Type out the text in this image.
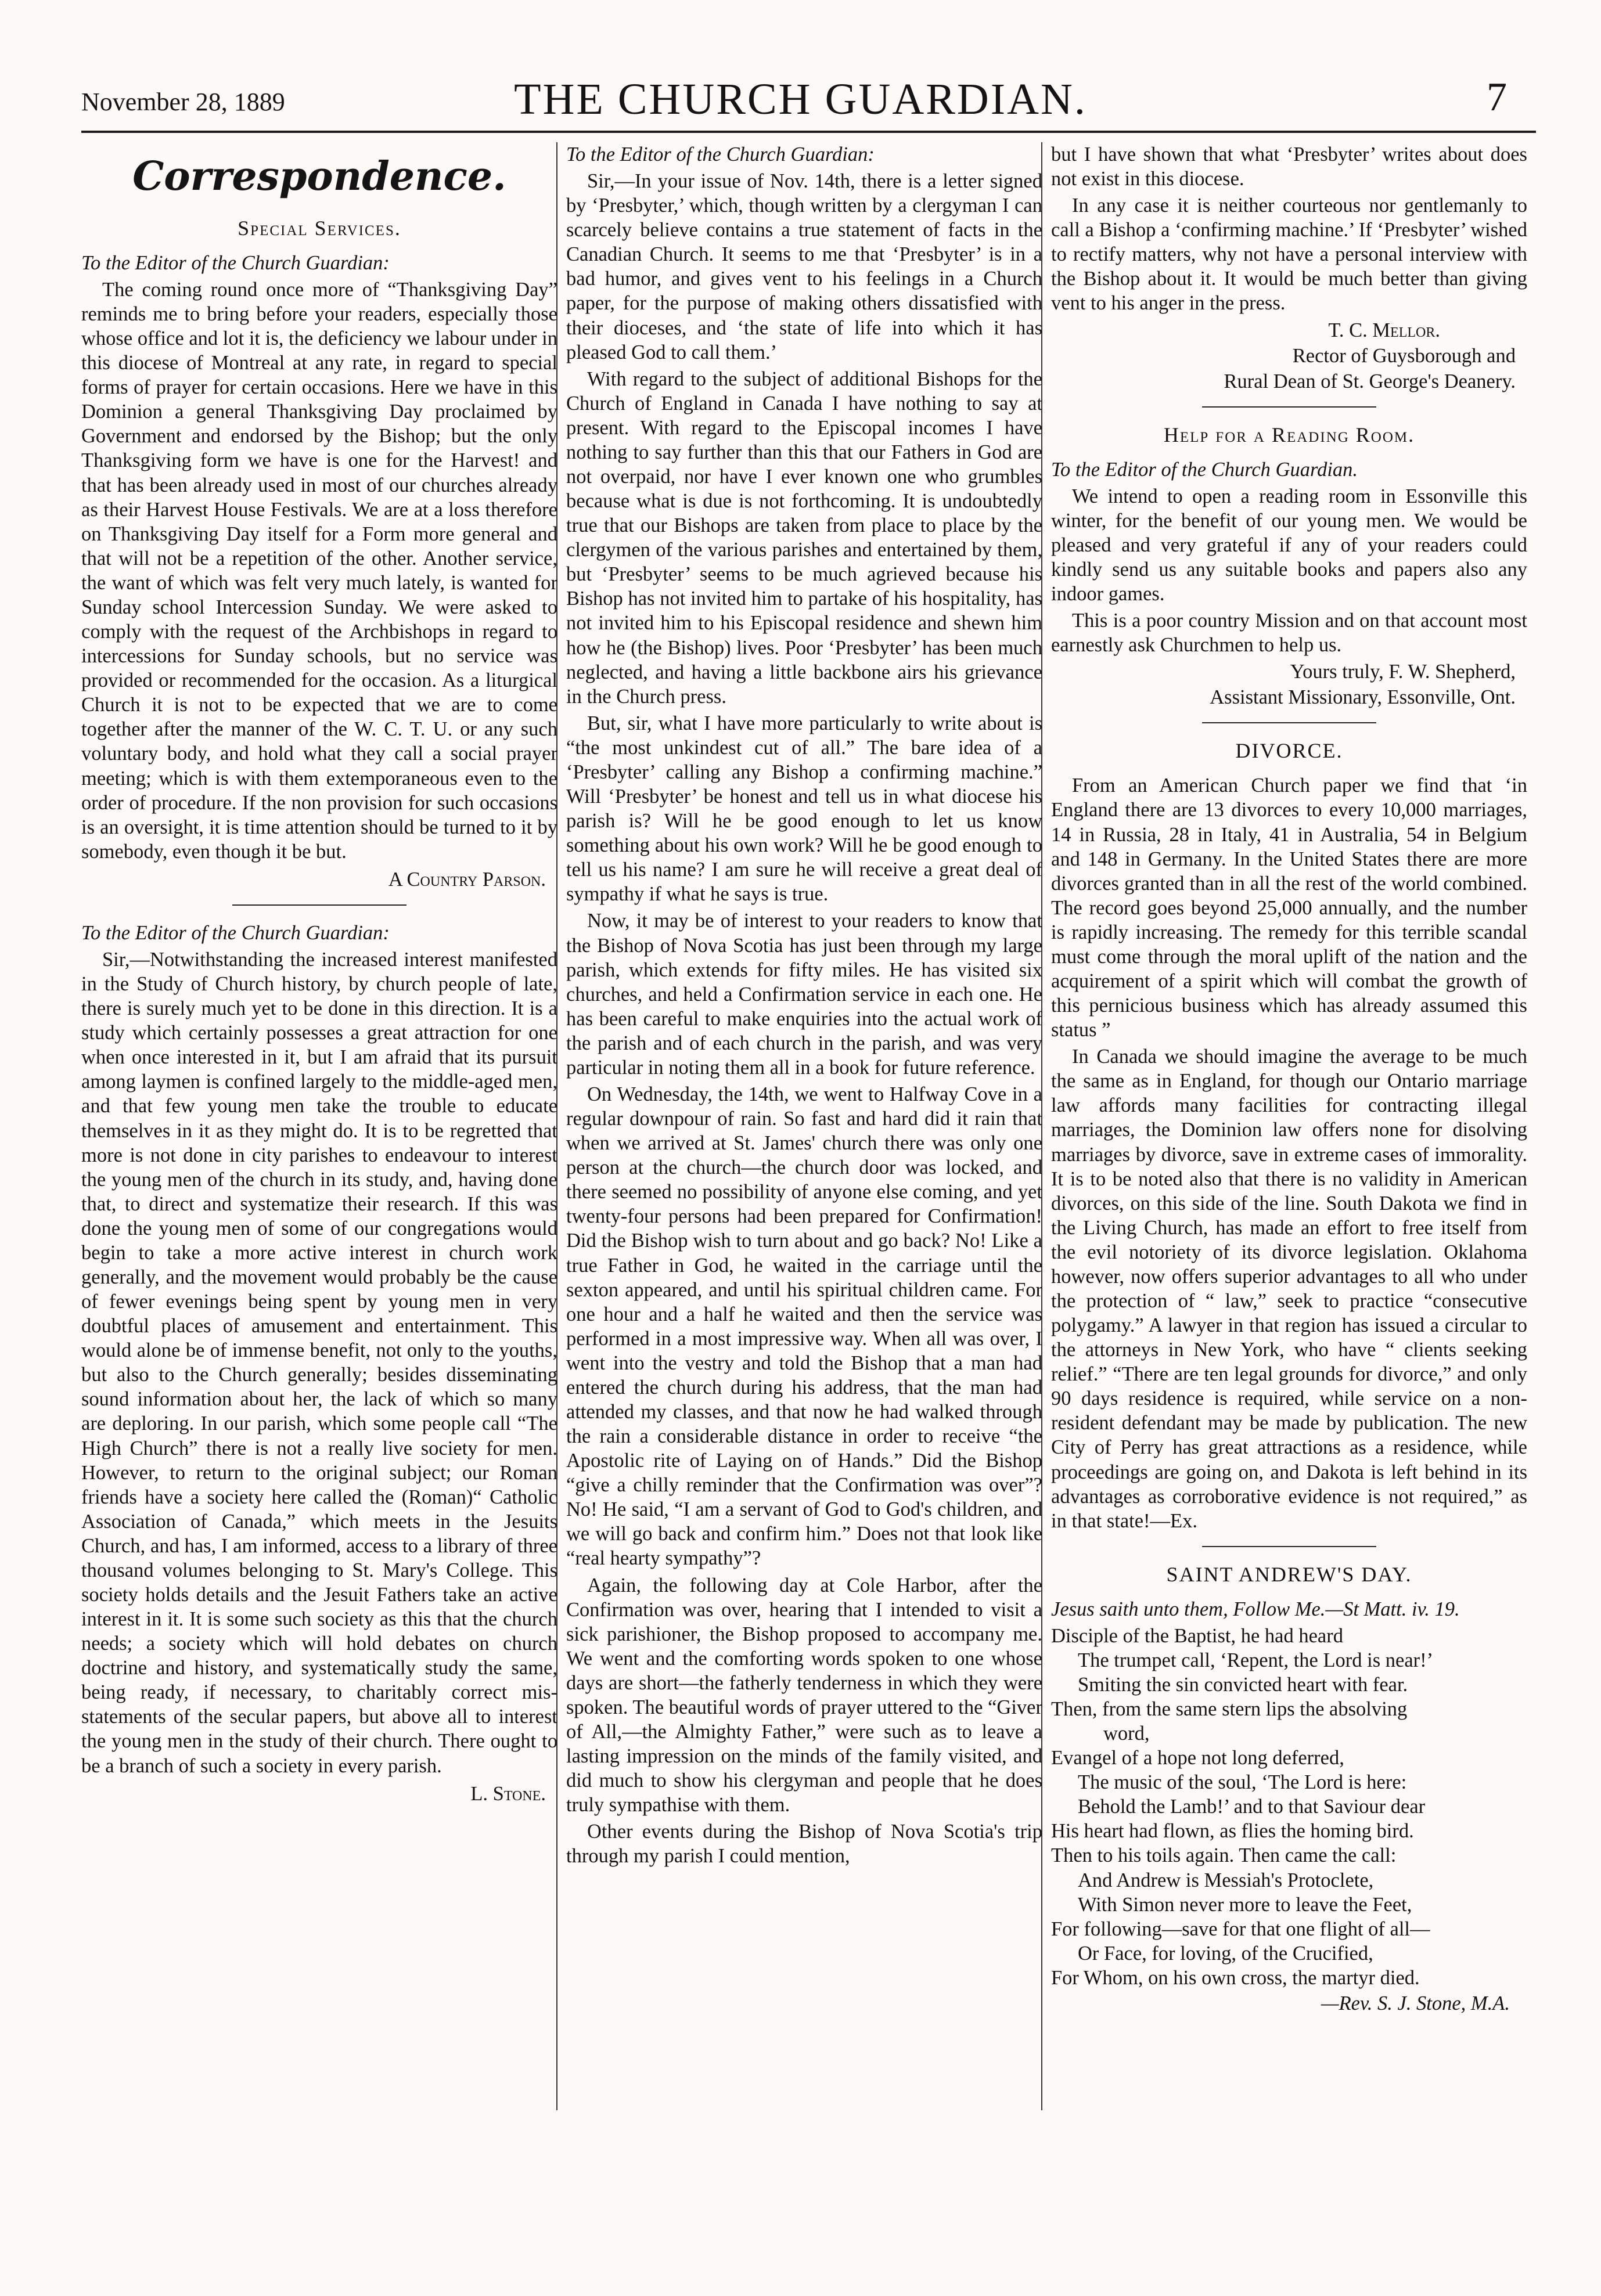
November 28, 1889	THE CHURCH GUARDIAN.	7
Correspondence.
Special Services.

To the Editor of the Church Guardian:

The coming round once more of “Thanksgiving Day” reminds me to bring before your readers, especially those whose office and lot it is, the deficiency we labour under in this diocese of Montreal at any rate, in regard to special forms of prayer for certain occasions. Here we have in this Dominion a general Thanksgiving Day proclaimed by Government and endorsed by the Bishop; but the only Thanksgiving form we have is one for the Harvest! and that has been already used in most of our churches already as their Harvest House Festivals. We are at a loss therefore on Thanksgiving Day itself for a Form more general and that will not be a repetition of the other. Another service, the want of which was felt very much lately, is wanted for Sunday school Intercession Sunday. We were asked to comply with the request of the Archbishops in regard to intercessions for Sunday schools, but no service was provided or recommended for the occasion. As a liturgical Church it is not to be expected that we are to come together after the manner of the W. C. T. U. or any such voluntary body, and hold what they call a social prayer meeting; which is with them extemporaneous even to the order of procedure. If the non provision for such occasions is an oversight, it is time attention should be turned to it by somebody, even though it be but.

A Country Parson.

To the Editor of the Church Guardian:

Sir,—Notwithstanding the increased interest manifested in the Study of Church history, by church people of late, there is surely much yet to be done in this direction. It is a study which certainly possesses a great attraction for one when once interested in it, but I am afraid that its pursuit among laymen is confined largely to the middle-aged men, and that few young men take the trouble to educate themselves in it as they might do. It is to be regretted that more is not done in city parishes to endeavour to interest the young men of the church in its study, and, having done that, to direct and systematize their research. If this was done the young men of some of our congregations would begin to take a more active interest in church work generally, and the movement would probably be the cause of fewer evenings being spent by young men in very doubtful places of amusement and entertainment. This would alone be of immense benefit, not only to the youths, but also to the Church generally; besides disseminating sound information about her, the lack of which so many are deploring. In our parish, which some people call “The High Church” there is not a really live society for men. However, to return to the original subject; our Roman friends have a society here called the (Roman)“ Catholic Association of Canada,” which meets in the Jesuits Church, and has, I am informed, access to a library of three thousand volumes belonging to St. Mary's College. This society holds details and the Jesuit Fathers take an active interest in it. It is some such society as this that the church needs; a society which will hold debates on church doctrine and history, and systematically study the same, being ready, if necessary, to charitably correct mis-statements of the secular papers, but above all to interest the young men in the study of their church. There ought to be a branch of such a society in every parish.

L. Stone.

To the Editor of the Church Guardian:

Sir,—In your issue of Nov. 14th, there is a letter signed by ‘Presbyter,’ which, though written by a clergyman I can scarcely believe contains a true statement of facts in the Canadian Church. It seems to me that ‘Presbyter’ is in a bad humor, and gives vent to his feelings in a Church paper, for the purpose of making others dissatisfied with their dioceses, and ‘the state of life into which it has pleased God to call them.’

With regard to the subject of additional Bishops for the Church of England in Canada I have nothing to say at present. With regard to the Episcopal incomes I have nothing to say further than this that our Fathers in God are not overpaid, nor have I ever known one who grumbles because what is due is not forthcoming. It is undoubtedly true that our Bishops are taken from place to place by the clergymen of the various parishes and entertained by them, but ‘Presbyter’ seems to be much agrieved because his Bishop has not invited him to partake of his hospitality, has not invited him to his Episcopal residence and shewn him how he (the Bishop) lives. Poor ‘Presbyter’ has been much neglected, and having a little backbone airs his grievance in the Church press.

But, sir, what I have more particularly to write about is “the most unkindest cut of all.” The bare idea of a ‘Presbyter’ calling any Bishop a confirming machine.” Will ‘Presbyter’ be honest and tell us in what diocese his parish is? Will he be good enough to let us know something about his own work? Will he be good enough to tell us his name? I am sure he will receive a great deal of sympathy if what he says is true.

Now, it may be of interest to your readers to know that the Bishop of Nova Scotia has just been through my large parish, which extends for fifty miles. He has visited six churches, and held a Confirmation service in each one. He has been careful to make enquiries into the actual work of the parish and of each church in the parish, and was very particular in noting them all in a book for future reference.

On Wednesday, the 14th, we went to Halfway Cove in a regular downpour of rain. So fast and hard did it rain that when we arrived at St. James' church there was only one person at the church—the church door was locked, and there seemed no possibility of anyone else coming, and yet twenty-four persons had been prepared for Confirmation! Did the Bishop wish to turn about and go back? No! Like a true Father in God, he waited in the carriage until the sexton appeared, and until his spiritual children came. For one hour and a half he waited and then the service was performed in a most impressive way. When all was over, I went into the vestry and told the Bishop that a man had entered the church during his address, that the man had attended my classes, and that now he had walked through the rain a considerable distance in order to receive “the Apostolic rite of Laying on of Hands.” Did the Bishop “give a chilly reminder that the Confirmation was over”? No! He said, “I am a servant of God to God's children, and we will go back and confirm him.” Does not that look like “real hearty sympathy”?

Again, the following day at Cole Harbor, after the Confirmation was over, hearing that I intended to visit a sick parishioner, the Bishop proposed to accompany me. We went and the comforting words spoken to one whose days are short—the fatherly tenderness in which they were spoken. The beautiful words of prayer uttered to the “Giver of All,—the Almighty Father,” were such as to leave a lasting impression on the minds of the family visited, and did much to show his clergyman and people that he does truly sympathise with them.

Other events during the Bishop of Nova Scotia's trip through my parish I could mention,

but I have shown that what ‘Presbyter’ writes about does not exist in this diocese.

In any case it is neither courteous nor gentlemanly to call a Bishop a ‘confirming machine.’ If ‘Presbyter’ wished to rectify matters, why not have a personal interview with the Bishop about it. It would be much better than giving vent to his anger in the press.

T. C. Mellor.
Rector of Guysborough and
Rural Dean of St. George's Deanery.
Help for a Reading Room.

To the Editor of the Church Guardian.

We intend to open a reading room in Essonville this winter, for the benefit of our young men. We would be pleased and very grateful if any of your readers could kindly send us any suitable books and papers also any indoor games.

This is a poor country Mission and on that account most earnestly ask Churchmen to help us.

Yours truly, F. W. Shepherd,
Assistant Missionary, Essonville, Ont.
DIVORCE.

From an American Church paper we find that ‘in England there are 13 divorces to every 10,000 marriages, 14 in Russia, 28 in Italy, 41 in Australia, 54 in Belgium and 148 in Germany. In the United States there are more divorces granted than in all the rest of the world combined. The record goes beyond 25,000 annually, and the number is rapidly increasing. The remedy for this terrible scandal must come through the moral uplift of the nation and the acquirement of a spirit which will combat the growth of this pernicious business which has already assumed this status ”

In Canada we should imagine the average to be much the same as in England, for though our Ontario marriage law affords many facilities for contracting illegal marriages, the Dominion law offers none for disolving marriages by divorce, save in extreme cases of immorality. It is to be noted also that there is no validity in American divorces, on this side of the line. South Dakota we find in the Living Church, has made an effort to free itself from the evil notoriety of its divorce legislation. Oklahoma however, now offers superior advantages to all who under the protection of “ law,” seek to practice “consecutive polygamy.” A lawyer in that region has issued a circular to the attorneys in New York, who have “ clients seeking relief.” “There are ten legal grounds for divorce,” and only 90 days residence is required, while service on a non-resident defendant may be made by publication. The new City of Perry has great attractions as a residence, while proceedings are going on, and Dakota is left behind in its advantages as corroborative evidence is not required,” as in that state!—Ex.

SAINT ANDREW'S DAY.

Jesus saith unto them, Follow Me.—St Matt. iv. 19.

Disciple of the Baptist, he had heard

The trumpet call, ‘Repent, the Lord is near!’

Smiting the sin convicted heart with fear.

Then, from the same stern lips the absolving

word,

Evangel of a hope not long deferred,

The music of the soul, ‘The Lord is here:

Behold the Lamb!’ and to that Saviour dear

His heart had flown, as flies the homing bird.

Then to his toils again. Then came the call:

And Andrew is Messiah's Protoclete,

With Simon never more to leave the Feet,

For following—save for that one flight of all—

Or Face, for loving, of the Crucified,

For Whom, on his own cross, the martyr died.

—Rev. S. J. Stone, M.A.
